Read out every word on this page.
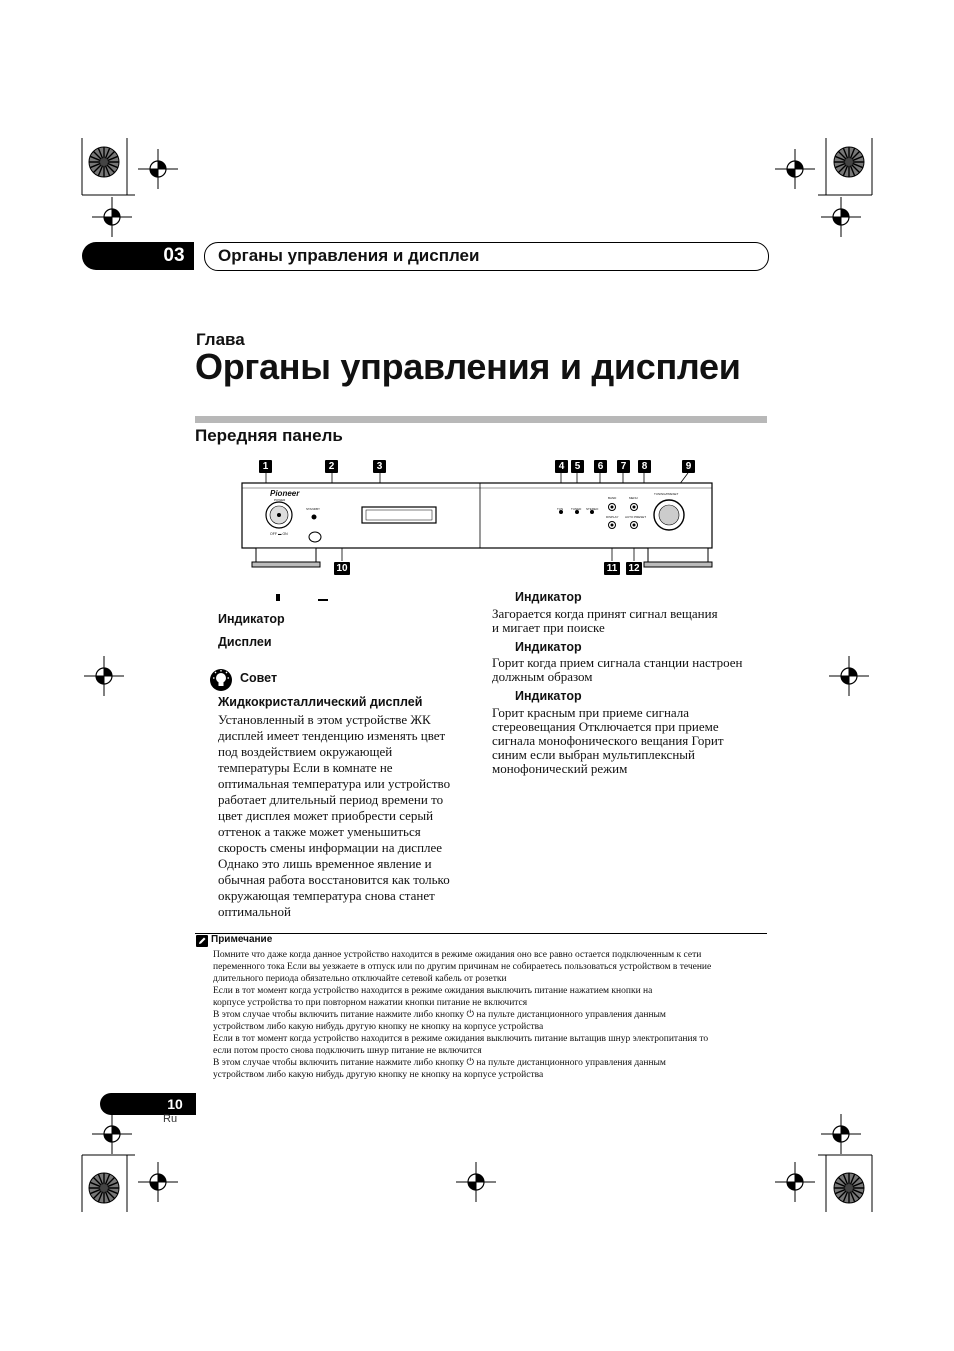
03	Органы управления и дисплеи
Глава
Органы управления и дисплеи
Передняя панель
Pioneer
POWER
STANDBY
OFF ▬ ON
TUN	TUNED STEREO
BAND	MENU
DISPLAY AUTO PRESET
TUNING/PRESET
1	2	3	4	5	6	7	8	9
10	11 12
Индикатор
Дисплеи
Совет
Жидкокристаллический дисплей
Установленный в этом устройстве ЖК
дисплей имеет тенденцию изменять цвет
под воздействием окружающей
температуры Если в комнате не
оптимальная температура или устройство
работает длительный период времени то
цвет дисплея может приобрести серый
оттенок а также может уменьшиться
скорость смены информации на дисплее
Однако это лишь временное явление и
обычная работа восстановится как только
окружающая температура снова станет
оптимальной
Индикатор
Загорается когда принят сигнал вещания
и мигает при поиске
Индикатор
Горит когда прием сигнала станции настроен
должным образом
Индикатор
Горит красным при приеме сигнала
стереовещания Отключается при приеме
сигнала монофонического вещания Горит
синим если выбран мультиплексный
монофонический режим
Примечание
Помните что даже когда данное устройство находится в режиме ожидания оно все равно остается подключенным к сети
переменного тока Если вы уезжаете в отпуск или по другим причинам не собираетесь пользоваться устройством в течение
длительного периода обязательно отключайте сетевой кабель от розетки
Если в тот момент когда устройство находится в режиме ожидания выключить питание нажатием кнопки на
корпусе устройства то при повторном нажатии кнопки питание не включится
В этом случае чтобы включить питание нажмите либо кнопку ⏻ на пульте дистанционного управления данным
устройством либо какую нибудь другую кнопку не кнопку на корпусе устройства
Если в тот момент когда устройство находится в режиме ожидания выключить питание вытащив шнур электропитания то
если потом просто снова подключить шнур питание не включится
В этом случае чтобы включить питание нажмите либо кнопку ⏻ на пульте дистанционного управления данным
устройством либо какую нибудь другую кнопку не кнопку на корпусе устройства
10
Ru
